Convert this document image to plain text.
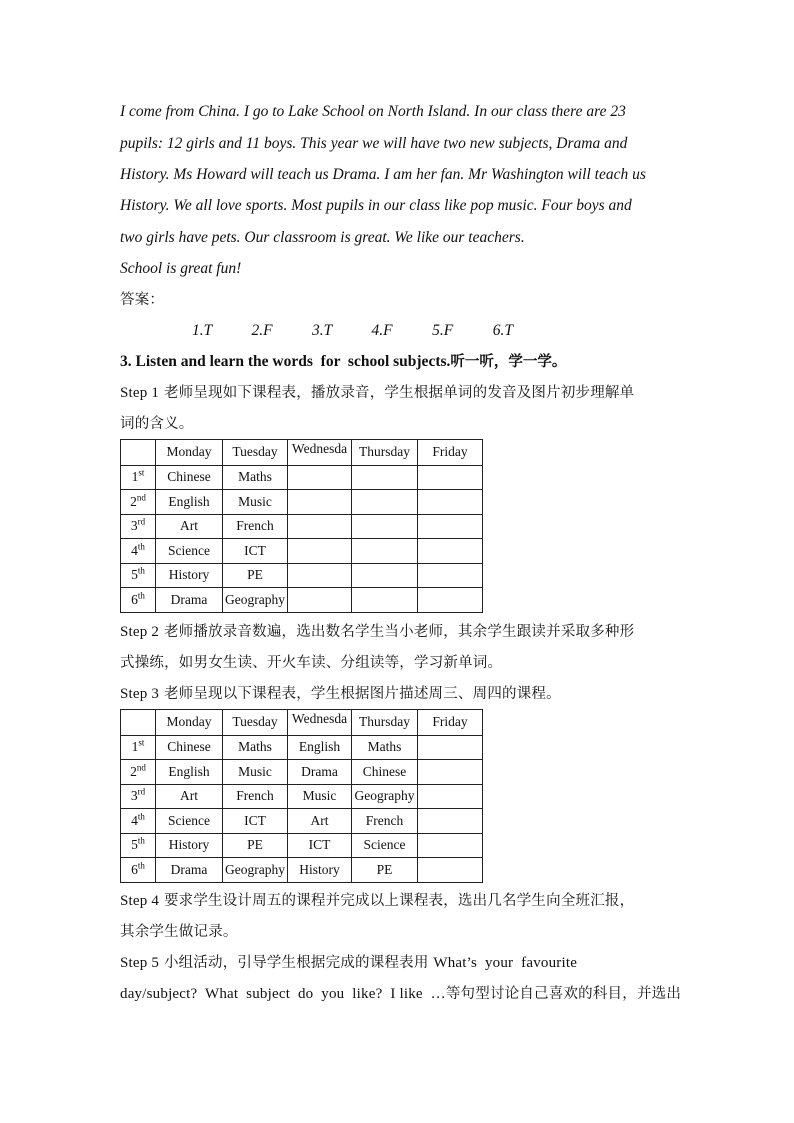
I come from China. I go to Lake School on North Island. In our class there are 23
pupils: 12 girls and 11 boys. This year we will have two new subjects, Drama and
History. Ms Howard will teach us Drama. I am her fan. Mr Washington will teach us
History. We all love sports. Most pupils in our class like pop music. Four boys and
two girls have pets. Our classroom is great. We like our teachers.
School is great fun!
答案：
1.T    2.F    3.T    4.F    5.F    6.T
3. Listen and learn the words  for  school subjects.听一听，学一学。
Step 1 老师呈现如下课程表，播放录音，学生根据单词的发音及图片初步理解单
词的含义。
	Monday	Tuesday	Wednesda	Thursday	Friday
1st	Chinese	Maths			
2nd	English	Music			
3rd	Art	French			
4th	Science	ICT			
5th	History	PE			
6th	Drama	Geography			
Step 2 老师播放录音数遍，选出数名学生当小老师，其余学生跟读并采取多种形
式操练，如男女生读、开火车读、分组读等，学习新单词。
Step 3 老师呈现以下课程表，学生根据图片描述周三、周四的课程。
	Monday	Tuesday	Wednesda	Thursday	Friday
1st	Chinese	Maths	English	Maths	
2nd	English	Music	Drama	Chinese	
3rd	Art	French	Music	Geography	
4th	Science	ICT	Art	French	
5th	History	PE	ICT	Science	
6th	Drama	Geography	History	PE	
Step 4 要求学生设计周五的课程并完成以上课程表，选出几名学生向全班汇报，
其余学生做记录。
Step 5 小组活动，引导学生根据完成的课程表用 What’s  your  favourite
day/subject?  What  subject  do  you  like?  I like  …等句型讨论自己喜欢的科目，并选出
